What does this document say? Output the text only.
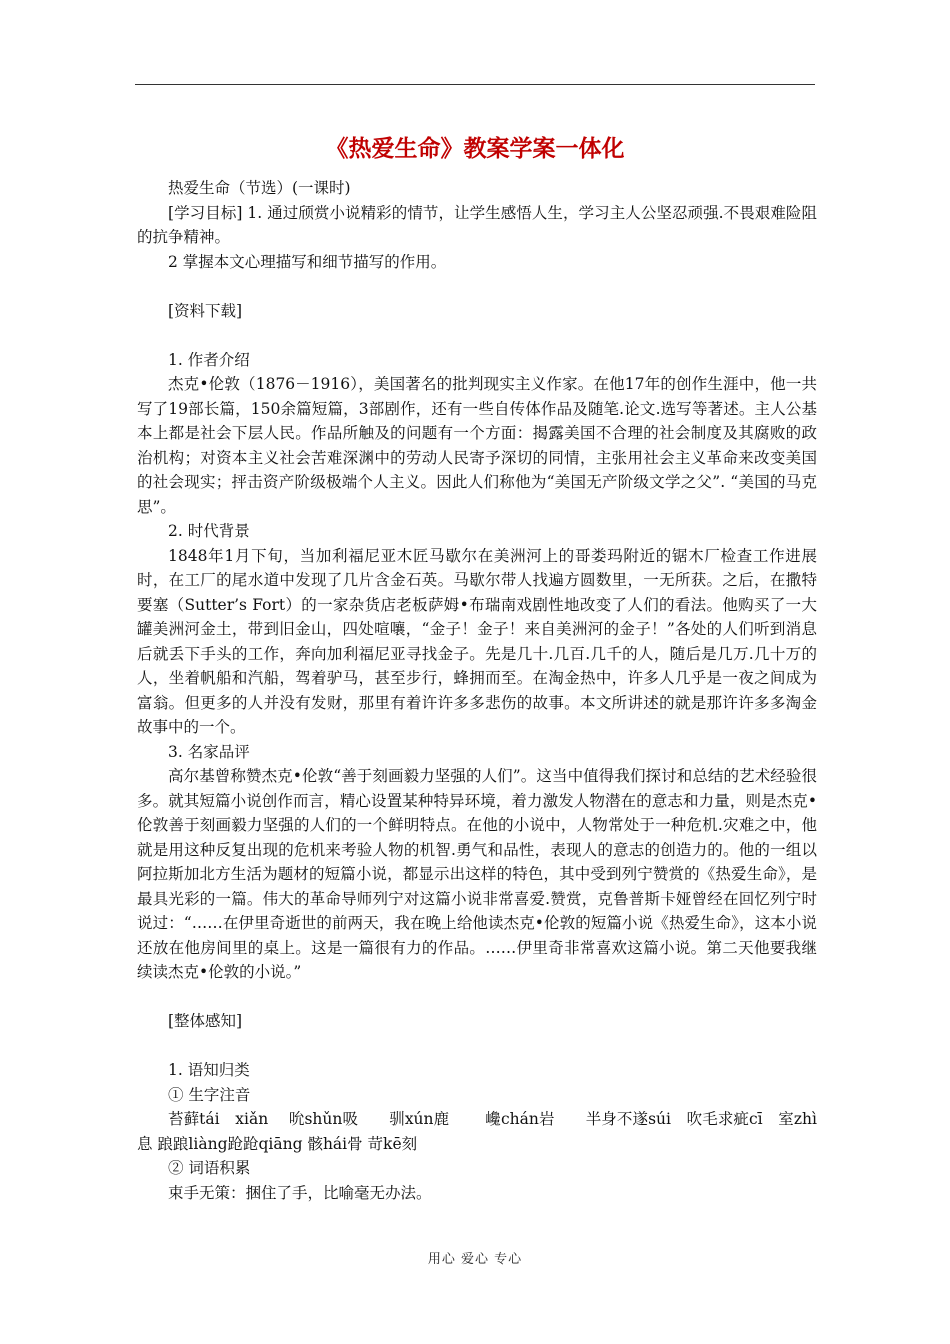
《热爱生命》教案学案一体化

热爱生命（节选）(一课时)

[学习目标] 1. 通过颀赏小说精彩的情节，让学生感悟人生，学习主人公坚忍顽强.不畏艰难险阻的抗争精神。

2 掌握本文心理描写和细节描写的作用。

[资料下载]

1. 作者介绍

杰克•伦敦（1876－1916），美国著名的批判现实主义作家。在他17年的创作生涯中，他一共写了19部长篇，150余篇短篇，3部剧作，还有一些自传体作品及随笔.论文.选写等著述。主人公基本上都是社会下层人民。作品所触及的问题有一个方面：揭露美国不合理的社会制度及其腐败的政治机构；对资本主义社会苦难深渊中的劳动人民寄予深切的同情，主张用社会主义革命来改变美国的社会现实；抨击资产阶级极端个人主义。因此人们称他为“美国无产阶级文学之父”. “美国的马克思”。

2. 时代背景

1848年1月下旬，当加利福尼亚木匠马歇尔在美洲河上的哥娄玛附近的锯木厂检查工作进展时，在工厂的尾水道中发现了几片含金石英。马歇尔带人找遍方圆数里，一无所获。之后，在撒特要塞（Sutter’s Fort）的一家杂货店老板萨姆•布瑞南戏剧性地改变了人们的看法。他购买了一大罐美洲河金土，带到旧金山，四处喧嚷，“金子！金子！来自美洲河的金子！”各处的人们听到消息后就丢下手头的工作，奔向加利福尼亚寻找金子。先是几十.几百.几千的人，随后是几万.几十万的人，坐着帆船和汽船，驾着驴马，甚至步行，蜂拥而至。在淘金热中，许多人几乎是一夜之间成为富翁。但更多的人并没有发财，那里有着许许多多悲伤的故事。本文所讲述的就是那许许多多淘金故事中的一个。

3. 名家品评

高尔基曾称赞杰克•伦敦“善于刻画毅力坚强的人们”。这当中值得我们探讨和总结的艺术经验很多。就其短篇小说创作而言，精心设置某种特异环境，着力激发人物潜在的意志和力量，则是杰克•伦敦善于刻画毅力坚强的人们的一个鲜明特点。在他的小说中，人物常处于一种危机.灾难之中，他就是用这种反复出现的危机来考验人物的机智.勇气和品性，表现人的意志的创造力的。他的一组以阿拉斯加北方生活为题材的短篇小说，都显示出这样的特色，其中受到列宁赞赏的《热爱生命》，是最具光彩的一篇。伟大的革命导师列宁对这篇小说非常喜爱.赞赏，克鲁普斯卡娅曾经在回忆列宁时说过：“……在伊里奇逝世的前两天，我在晚上给他读杰克•伦敦的短篇小说《热爱生命》，这本小说还放在他房间里的桌上。这是一篇很有力的作品。……伊里奇非常喜欢这篇小说。第二天他要我继续读杰克•伦敦的小说。”

[整体感知]

1. 语知归类

① 生字注音

苔藓tái　xiǎn　 吮shǔn吸　　驯xún鹿　　 巉chán岩　　半身不遂súi　吹毛求疵cī　室zhì息 踉踉liàng跄跄qiāng 骸hái骨 苛kē刻

② 词语积累

束手无策：捆住了手，比喻毫无办法。

用心 爱心 专心
